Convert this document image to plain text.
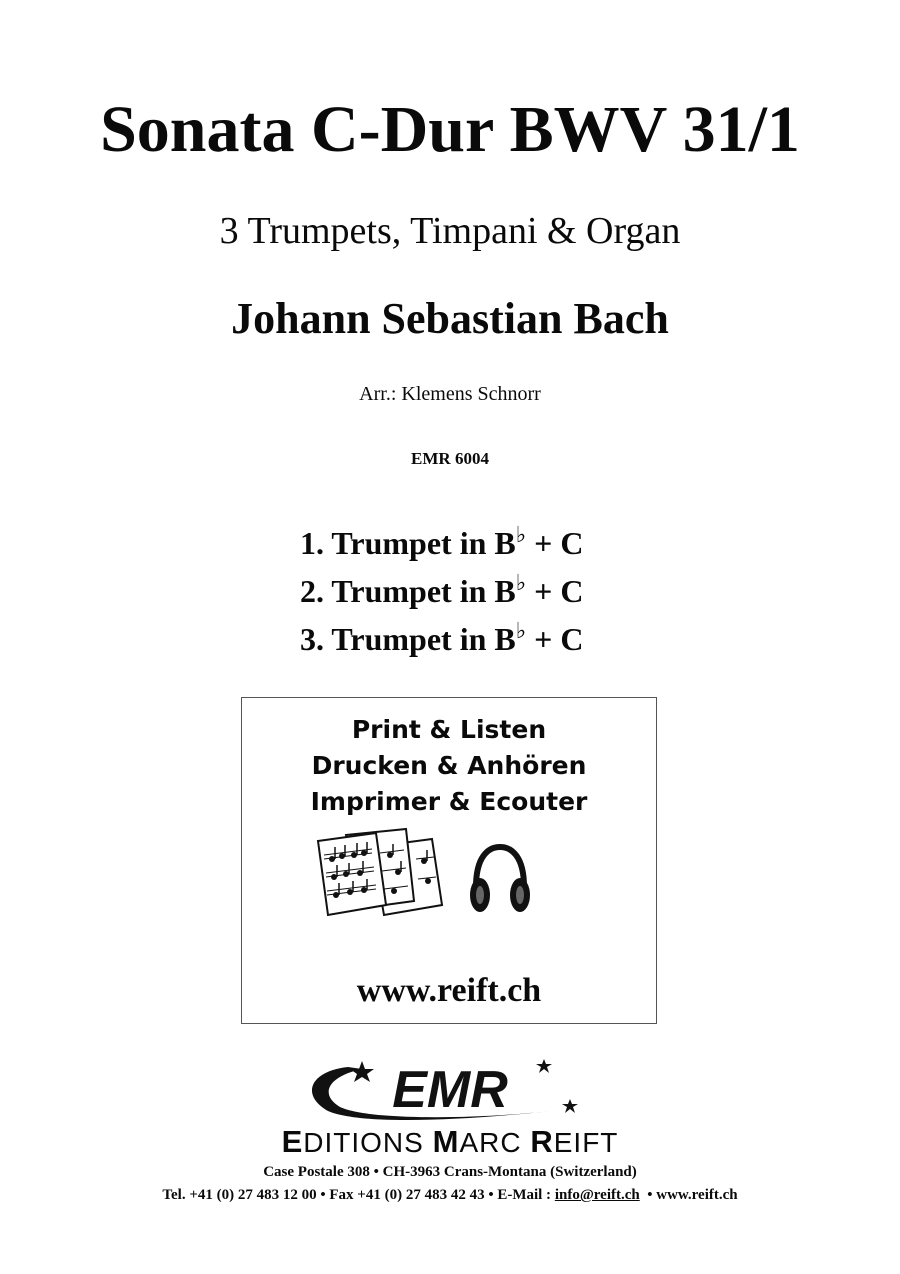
Sonata C-Dur BWV 31/1
3 Trumpets, Timpani & Organ
Johann Sebastian Bach
Arr.: Klemens Schnorr
EMR 6004
1. Trumpet in B♭ + C
2. Trumpet in B♭ + C
3. Trumpet in B♭ + C
Print & Listen
Drucken & Anhören
Imprimer & Ecouter
www.reift.ch
EMR
EDITIONS MARC REIFT
Case Postale 308 • CH-3963 Crans-Montana (Switzerland)
Tel. +41 (0) 27 483 12 00 • Fax +41 (0) 27 483 42 43 • E-Mail : info@reift.ch  • www.reift.ch
